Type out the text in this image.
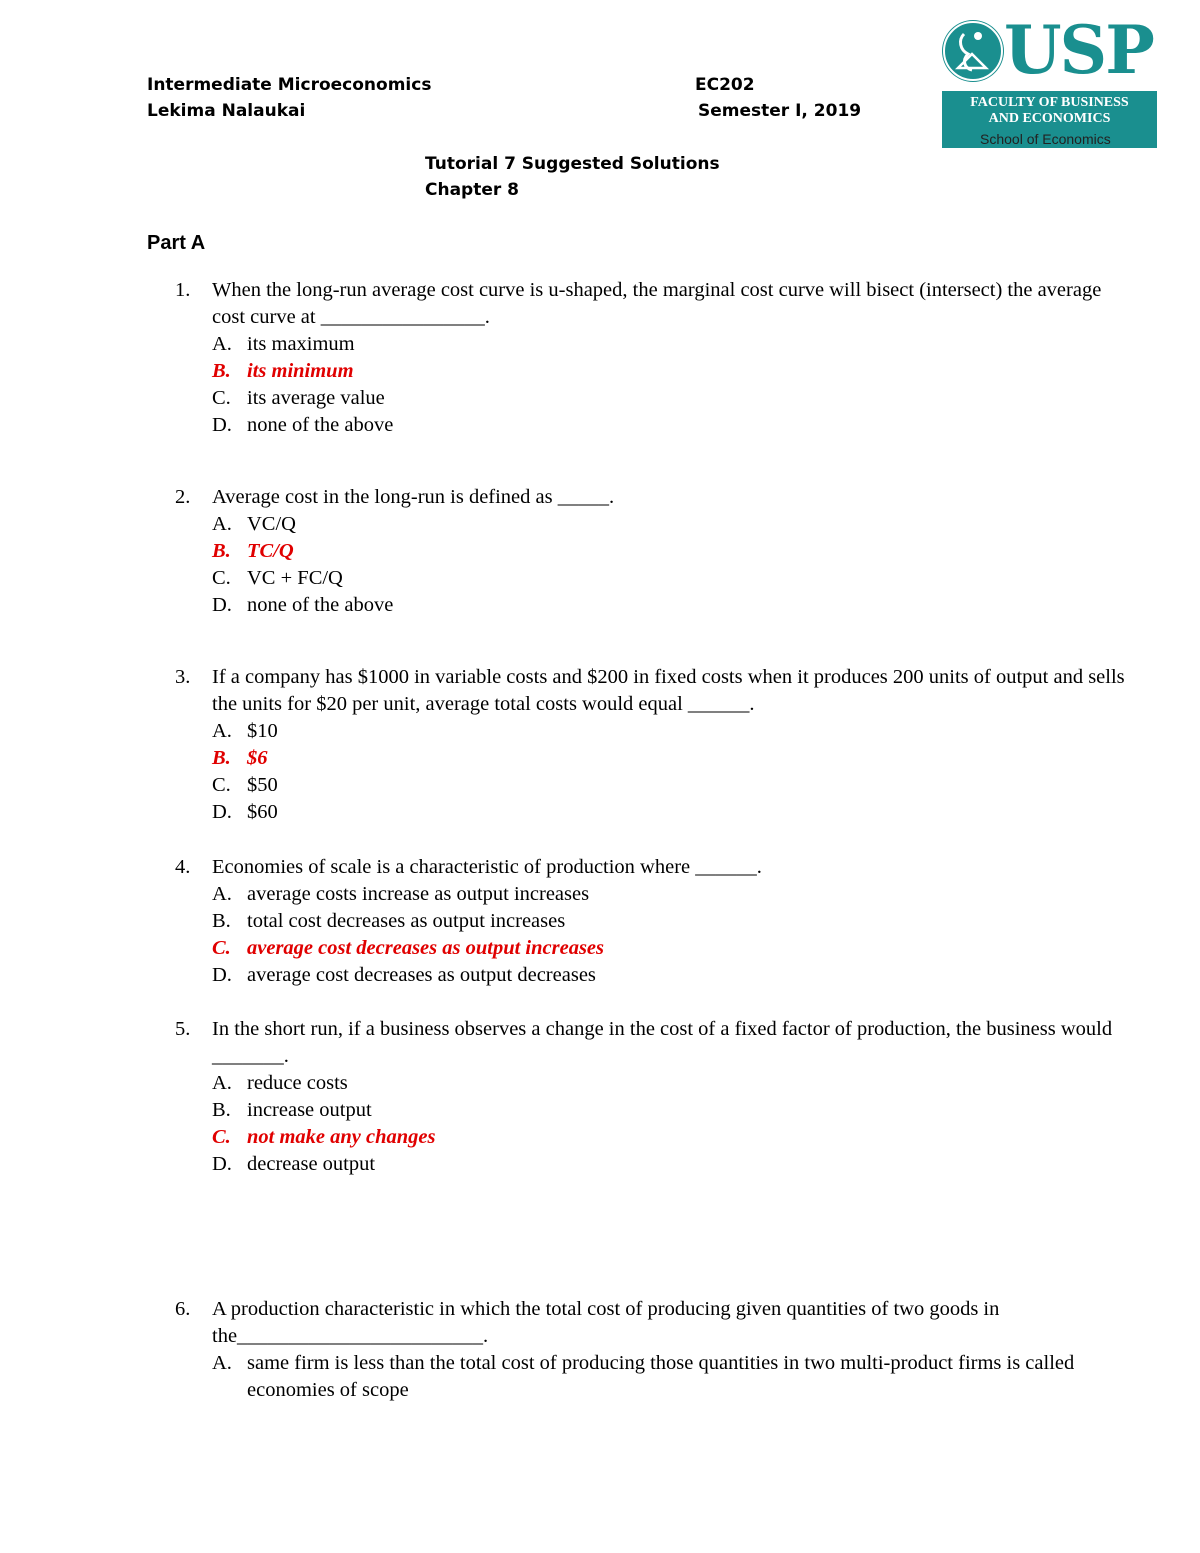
Intermediate Microeconomics	EC202
Lekima Nalaukai	Semester I, 2019
USP
FACULTY OF BUSINESS
AND ECONOMICS
School of Economics
Tutorial 7 Suggested Solutions
Chapter 8
Part A
1. When the long-run average cost curve is u-shaped, the marginal cost curve will bisect (intersect) the average cost curve at ________________.
A. its maximum
B. its minimum
C. its average value
D. none of the above
2. Average cost in the long-run is defined as _____.
A. VC/Q
B. TC/Q
C. VC + FC/Q
D. none of the above
3. If a company has $1000 in variable costs and $200 in fixed costs when it produces 200 units of output and sells the units for $20 per unit, average total costs would equal ______.
A. $10
B. $6
C. $50
D. $60
4. Economies of scale is a characteristic of production where ______.
A. average costs increase as output increases
B. total cost decreases as output increases
C. average cost decreases as output increases
D. average cost decreases as output decreases
5. In the short run, if a business observes a change in the cost of a fixed factor of production, the business would _______.
A. reduce costs
B. increase output
C. not make any changes
D. decrease output
6. A production characteristic in which the total cost of producing given quantities of two goods in the________________________.
A. same firm is less than the total cost of producing those quantities in two multi-product firms is called economies of scope
